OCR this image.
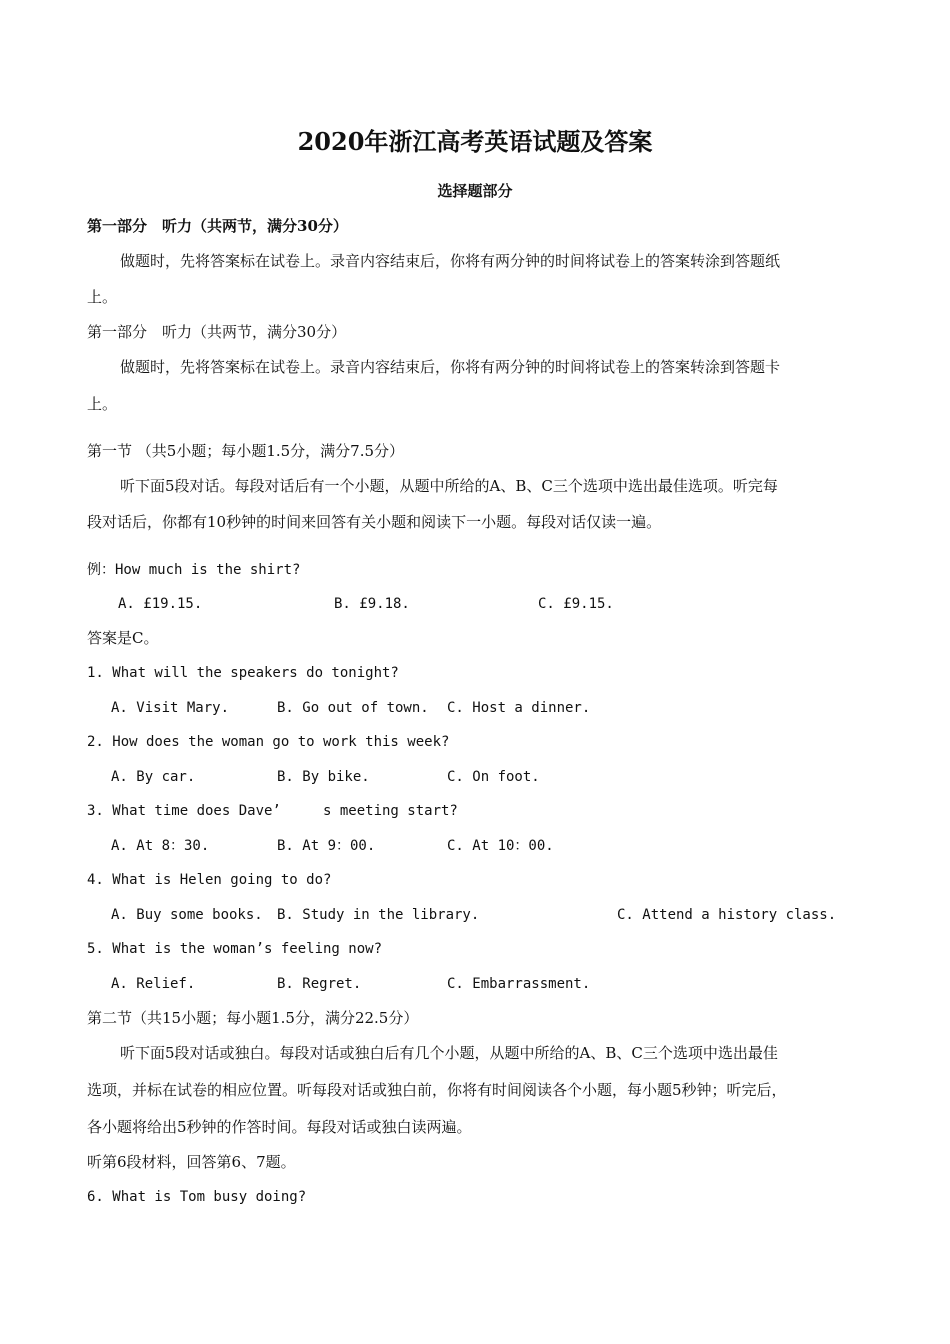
2020年浙江高考英语试题及答案
选择题部分
第一部分　听力（共两节，满分30分）
做题时，先将答案标在试卷上。录音内容结束后，你将有两分钟的时间将试卷上的答案转涂到答题纸
上。
第一部分　听力（共两节，满分30分）
做题时，先将答案标在试卷上。录音内容结束后，你将有两分钟的时间将试卷上的答案转涂到答题卡
上。
第一节 （共5小题；每小题1.5分，满分7.5分）
听下面5段对话。每段对话后有一个小题，从题中所给的A、B、C三个选项中选出最佳选项。听完每
段对话后，你都有10秒钟的时间来回答有关小题和阅读下一小题。每段对话仅读一遍。
例：How much is the shirt?
A. £19.15.	B. £9.18.	C. £9.15.
答案是C。
1. What will the speakers do tonight?
A. Visit Mary.	B. Go out of town. C. Host a dinner.
2. How does the woman go to work this week?
A. By car.	B. By bike.	C. On foot.
3. What time does Dave’     s meeting start?
A. At 8：30.	B. At 9：00.	C. At 10：00.
4. What is Helen going to do?
A. Buy some books. B. Study in the library.	C. Attend a history class.
5. What is the woman’s feeling now?
A. Relief.	B. Regret.	C. Embarrassment.
第二节（共15小题；每小题1.5分，满分22.5分）
听下面5段对话或独白。每段对话或独白后有几个小题，从题中所给的A、B、C三个选项中选出最佳
选项，并标在试卷的相应位置。听每段对话或独白前，你将有时间阅读各个小题，每小题5秒钟；听完后，
各小题将给出5秒钟的作答时间。每段对话或独白读两遍。
听第6段材料，回答第6、7题。
6. What is Tom busy doing?
